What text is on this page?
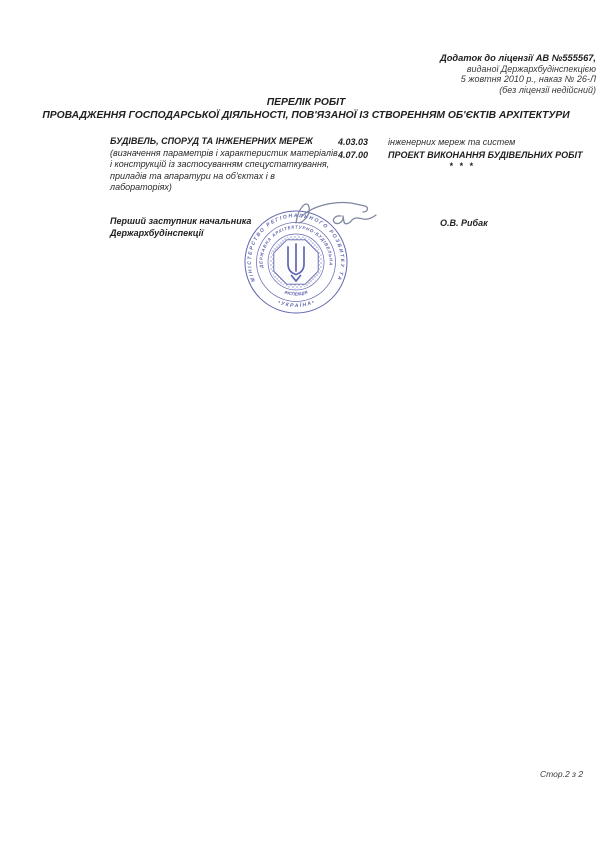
Додаток до ліцензії АВ №555567,
виданої Держархбудінспекцією
5 жовтня 2010 р., наказ № 26-Л
(без ліцензії недійсний)
ПЕРЕЛІК РОБІТ
ПРОВАДЖЕННЯ ГОСПОДАРСЬКОЇ ДІЯЛЬНОСТІ, ПОВ'ЯЗАНОЇ ІЗ СТВОРЕННЯМ ОБ'ЄКТІВ АРХІТЕКТУРИ
БУДІВЕЛЬ, СПОРУД ТА ІНЖЕНЕРНИХ МЕРЕЖ (визначення параметрів і характеристик матеріалів і конструкцій із застосуванням спецустаткування, приладів та апаратури на об'єктах і в лабораторіях)
4.03.03	інженерних мереж та систем
4.07.00	ПРОЕКТ ВИКОНАННЯ БУДІВЕЛЬНИХ РОБІТ
* * *
Перший заступник начальника
Держархбудінспекції
О.В. Рибак
МІНІСТЕРСТВО РЕГІОНАЛЬНОГО РОЗВИТКУ ТА
• У К Р А Ї Н А •
ДЕРЖАВНА АРХІТЕКТУРНО-БУДІВЕЛЬНА
ІНСПЕКЦІЯ
Стор.2 з 2
